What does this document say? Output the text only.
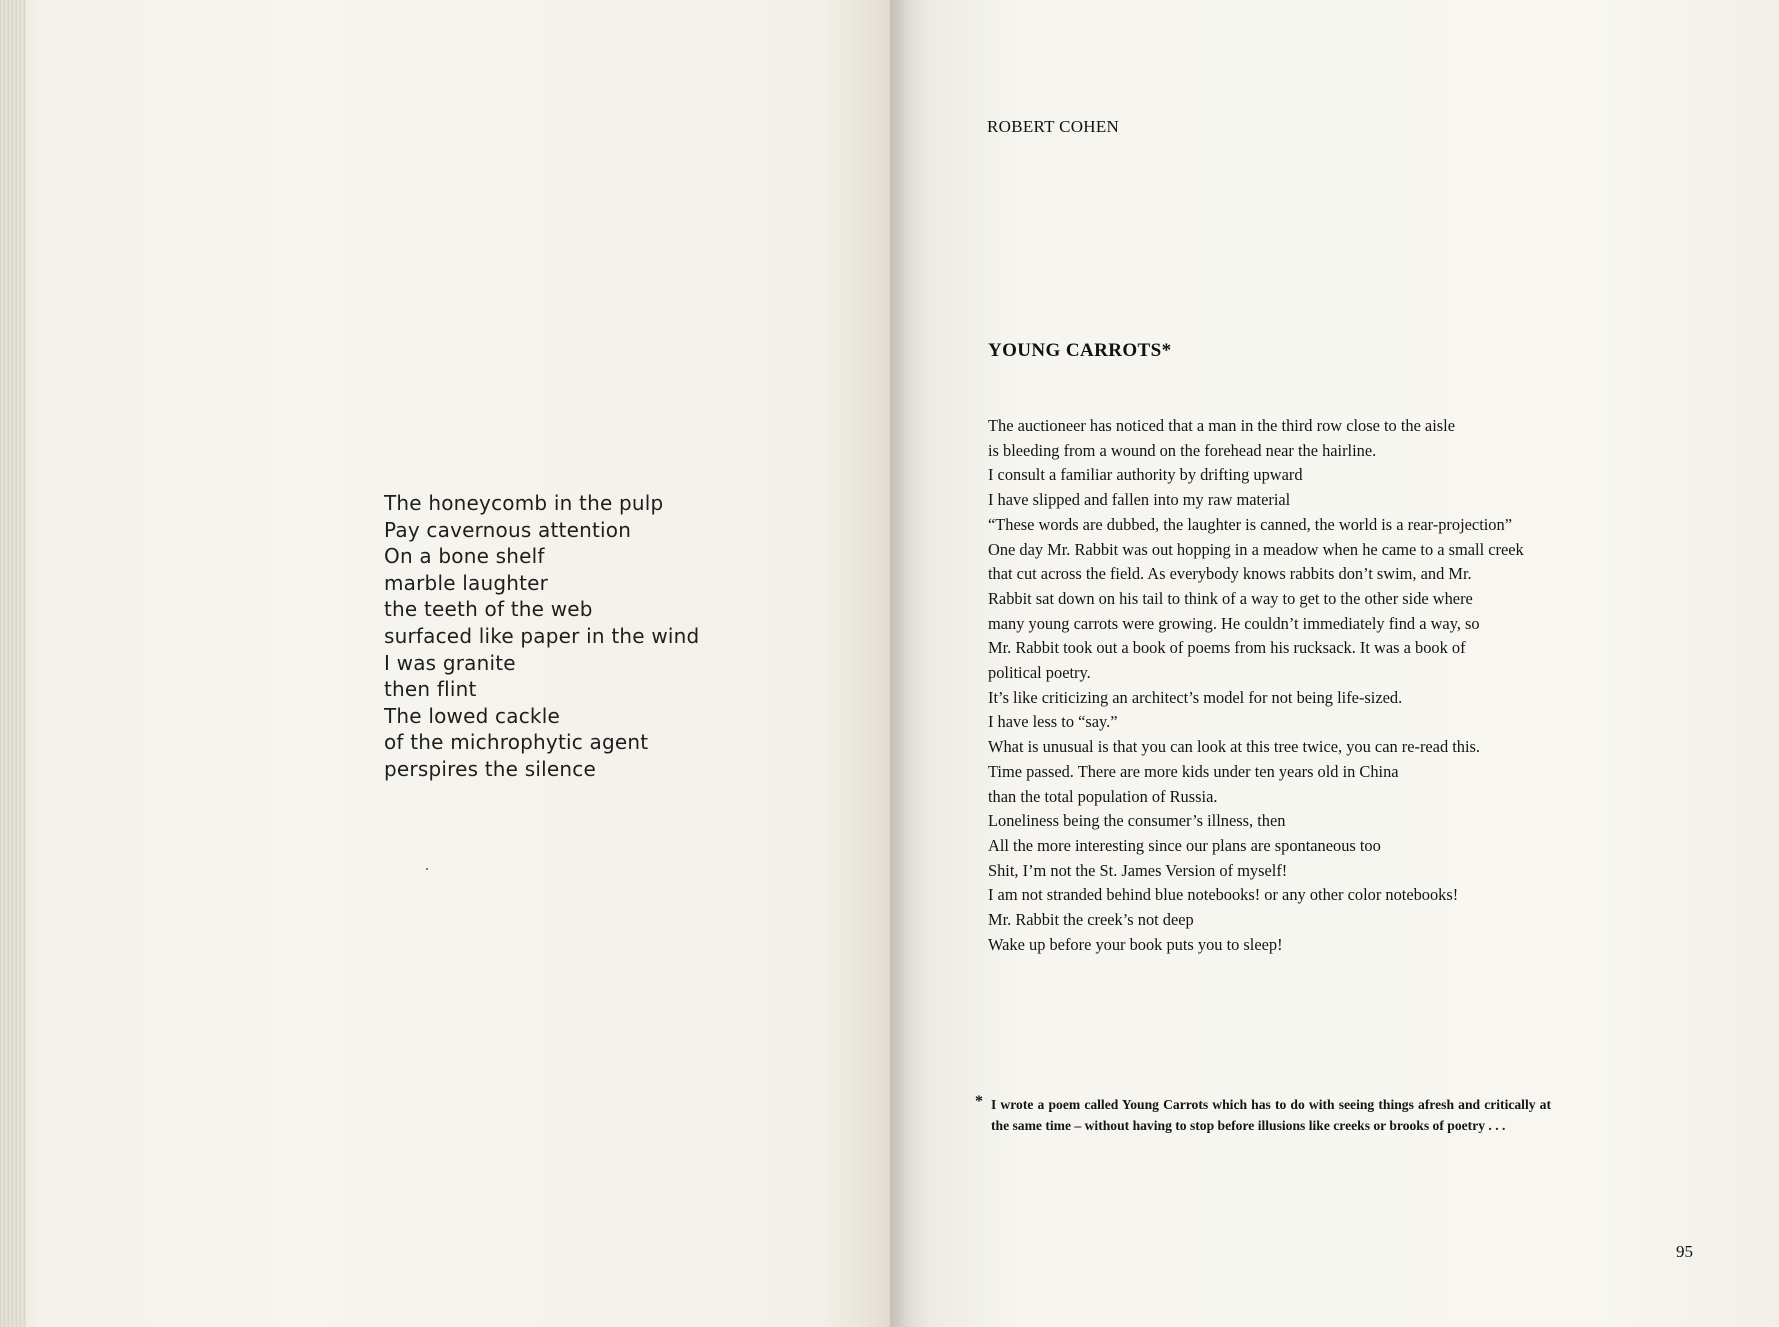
The honeycomb in the pulp
Pay cavernous attention
On a bone shelf
marble laughter
the teeth of the web
surfaced like paper in the wind
I was granite
then flint
The lowed cackle
of the michrophytic agent
perspires the silence
ROBERT COHEN
YOUNG CARROTS*
The auctioneer has noticed that a man in the third row close to the aisle
is bleeding from a wound on the forehead near the hairline.
I consult a familiar authority by drifting upward
I have slipped and fallen into my raw material
“These words are dubbed, the laughter is canned, the world is a rear-projection”
One day Mr. Rabbit was out hopping in a meadow when he came to a small creek
that cut across the field. As everybody knows rabbits don’t swim, and Mr.
Rabbit sat down on his tail to think of a way to get to the other side where
many young carrots were growing. He couldn’t immediately find a way, so
Mr. Rabbit took out a book of poems from his rucksack. It was a book of
political poetry.
It’s like criticizing an architect’s model for not being life-sized.
I have less to “say.”
What is unusual is that you can look at this tree twice, you can re-read this.
Time passed. There are more kids under ten years old in China
than the total population of Russia.
Loneliness being the consumer’s illness, then
All the more interesting since our plans are spontaneous too
Shit, I’m not the St. James Version of myself!
I am not stranded behind blue notebooks! or any other color notebooks!
Mr. Rabbit the creek’s not deep
Wake up before your book puts you to sleep!
* I wrote a poem called Young Carrots which has to do with seeing things afresh and critically at the same time – without having to stop before illusions like creeks or brooks of poetry . . .
95
